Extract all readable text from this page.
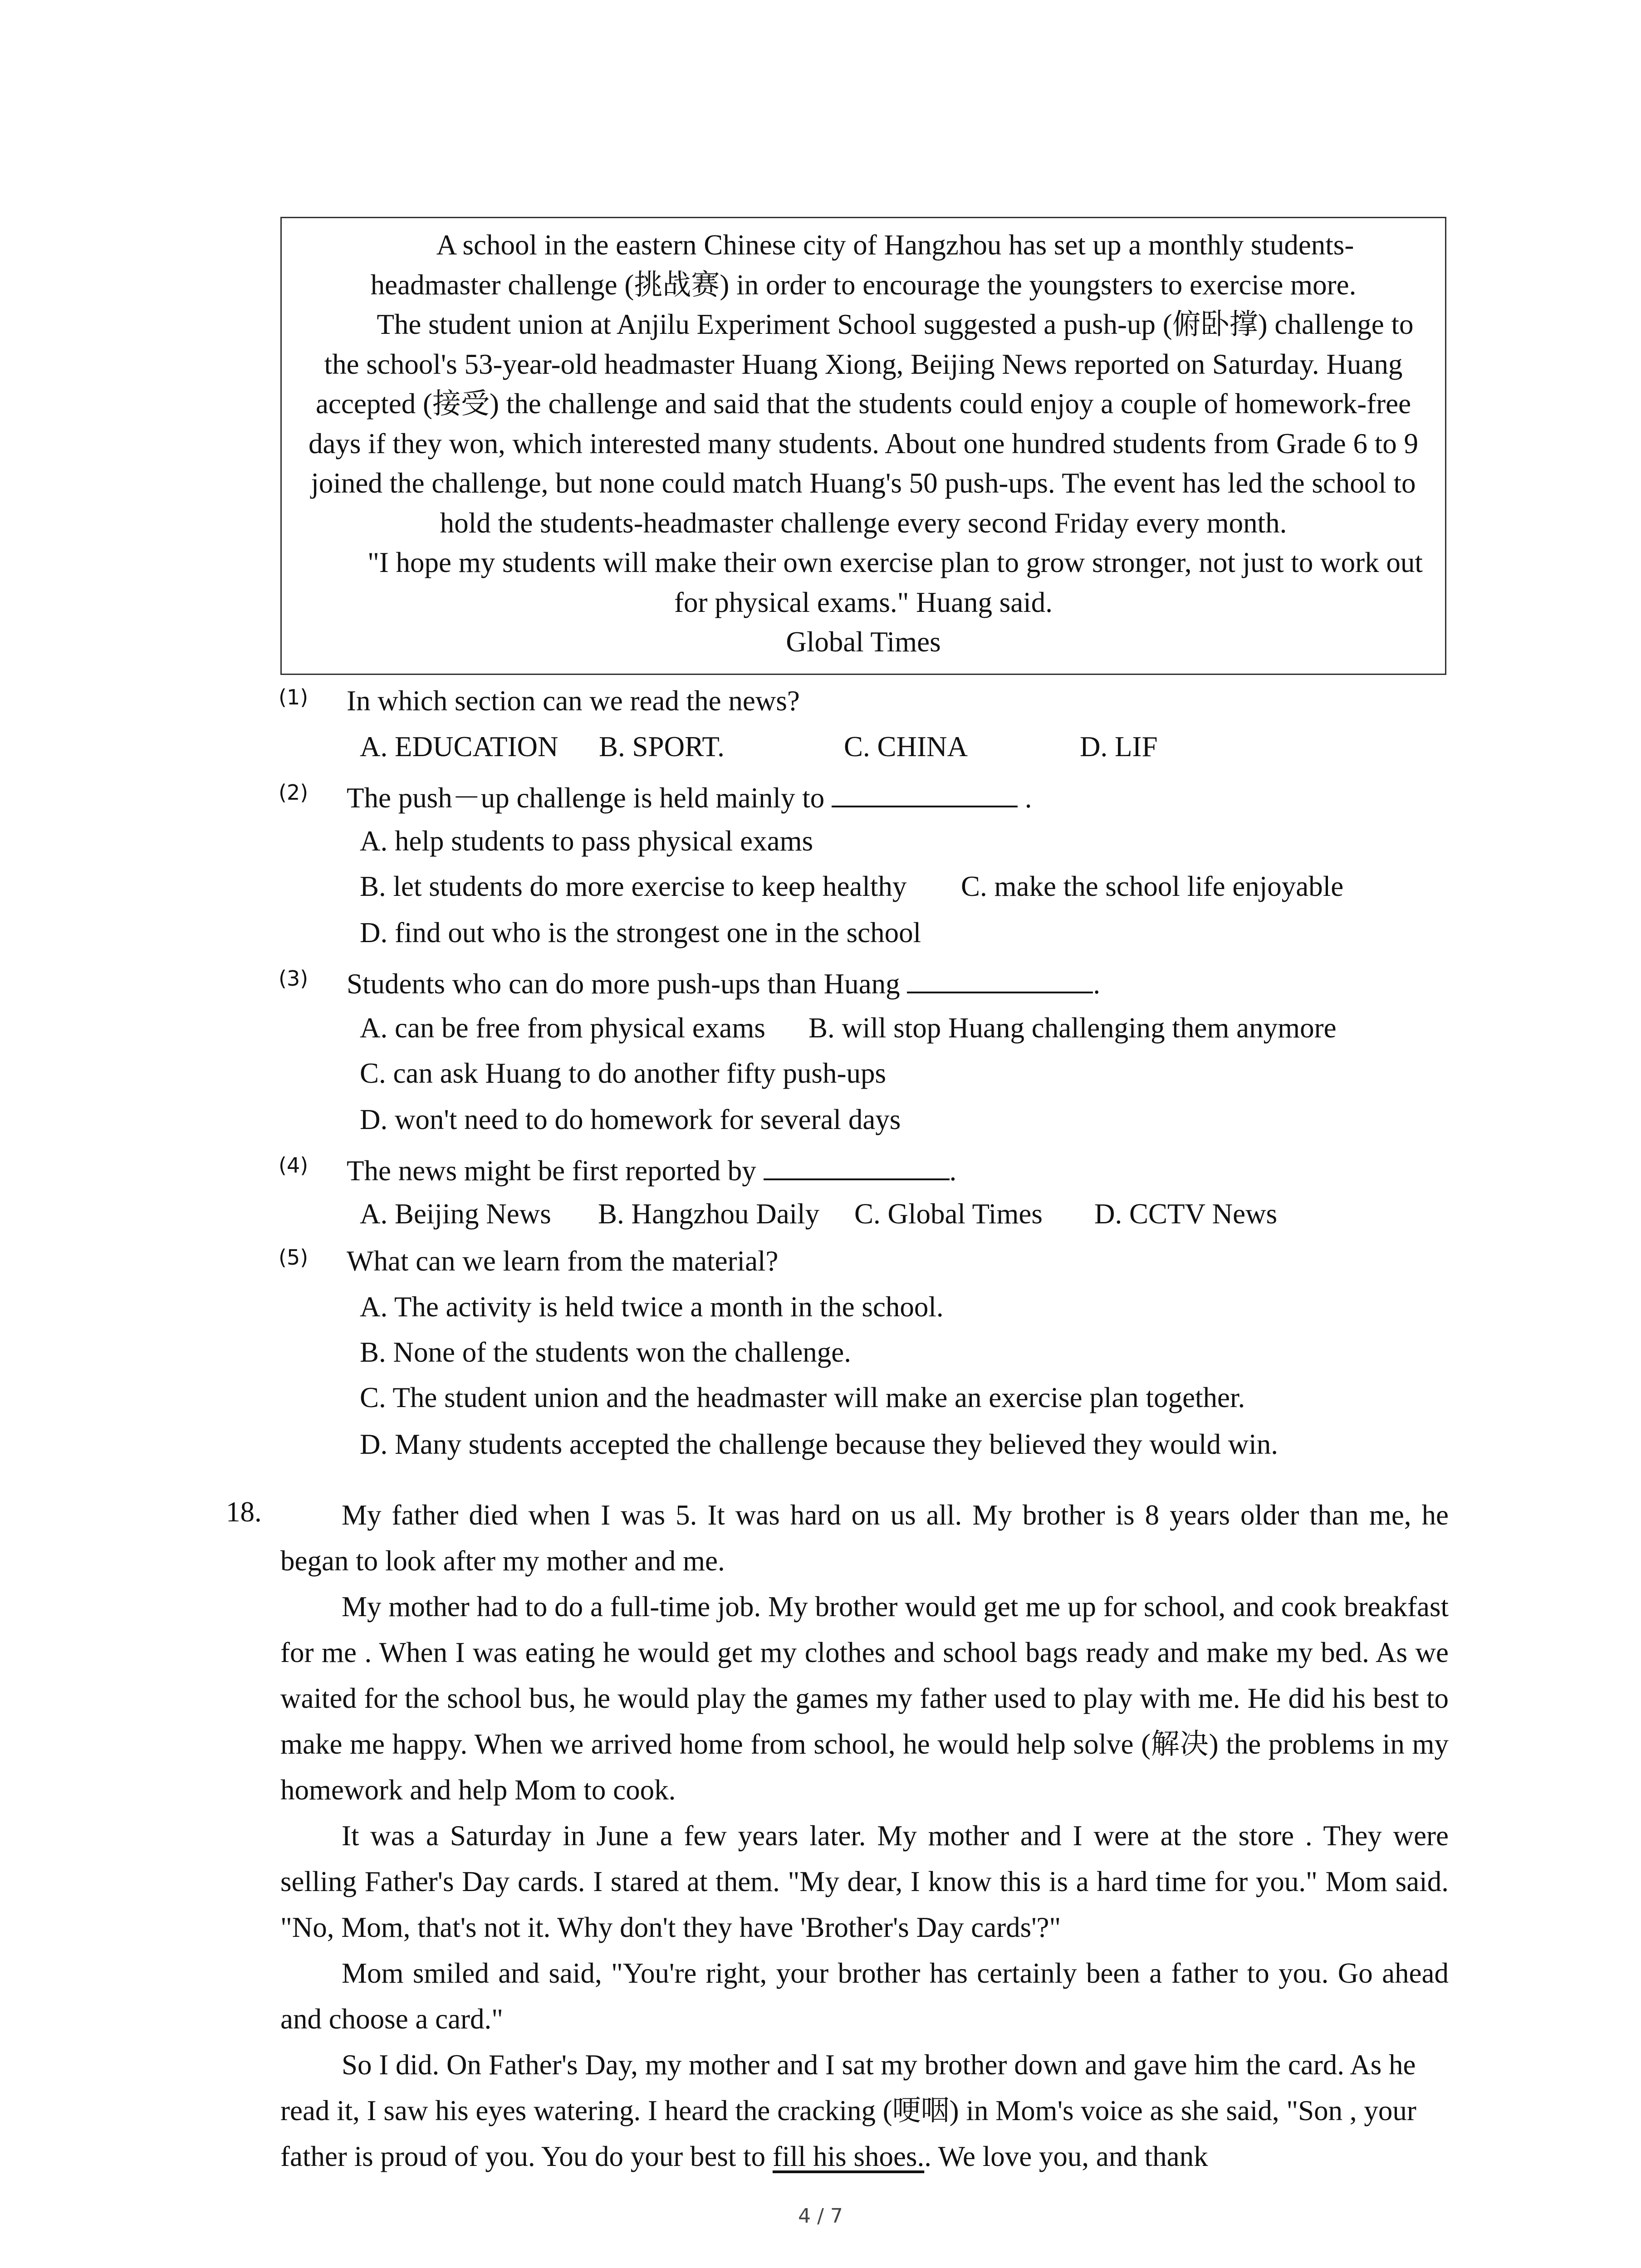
A school in the eastern Chinese city of Hangzhou has set up a monthly students-headmaster challenge (挑战赛) in order to encourage the youngsters to exercise more.

The student union at Anjilu Experiment School suggested a push-up (俯卧撑) challenge to the school's 53-year-old headmaster Huang Xiong, Beijing News reported on Saturday. Huang accepted (接受) the challenge and said that the students could enjoy a couple of homework-free days if they won, which interested many students. About one hundred students from Grade 6 to 9 joined the challenge, but none could match Huang's 50 push-ups. The event has led the school to hold the students-headmaster challenge every second Friday every month.

"I hope my students will make their own exercise plan to grow stronger, not just to work out for physical exams." Huang said.

Global Times

(1) In which section can we read the news?
A. EDUCATION B. SPORT.	C. CHINA	D. LIF
(2) The push－up challenge is held mainly to	.
A. help students to pass physical exams
B. let students do more exercise to keep healthy C. make the school life enjoyable
D. find out who is the strongest one in the school
(3) Students who can do more push-ups than Huang	.
A. can be free from physical exams B. will stop Huang challenging them anymore
C. can ask Huang to do another fifty push-ups
D. won't need to do homework for several days
(4) The news might be first reported by	.
A. Beijing News B. Hangzhou Daily C. Global Times D. CCTV News
(5) What can we learn from the material?
A. The activity is held twice a month in the school.
B. None of the students won the challenge.
C. The student union and the headmaster will make an exercise plan together.
D. Many students accepted the challenge because they believed they would win.
18.	My father died when I was 5. It was hard on us all. My brother is 8 years older than me, he began to look after my mother and me.

My mother had to do a full-time job. My brother would get me up for school, and cook breakfast for me . When I was eating he would get my clothes and school bags ready and make my bed. As we waited for the school bus, he would play the games my father used to play with me. He did his best to make me happy. When we arrived home from school, he would help solve (解决) the problems in my homework and help Mom to cook.

It was a Saturday in June a few years later. My mother and I were at the store . They were selling Father's Day cards. I stared at them. "My dear, I know this is a hard time for you." Mom said. "No, Mom, that's not it. Why don't they have 'Brother's Day cards'?"

Mom smiled and said, "You're right, your brother has certainly been a father to you. Go ahead and choose a card."

So I did. On Father's Day, my mother and I sat my brother down and gave him the card. As he read it, I saw his eyes watering. I heard the cracking (哽咽) in Mom's voice as she said, "Son , your father is proud of you. You do your best to fill his shoes.. We love you, and thank

4 / 7
